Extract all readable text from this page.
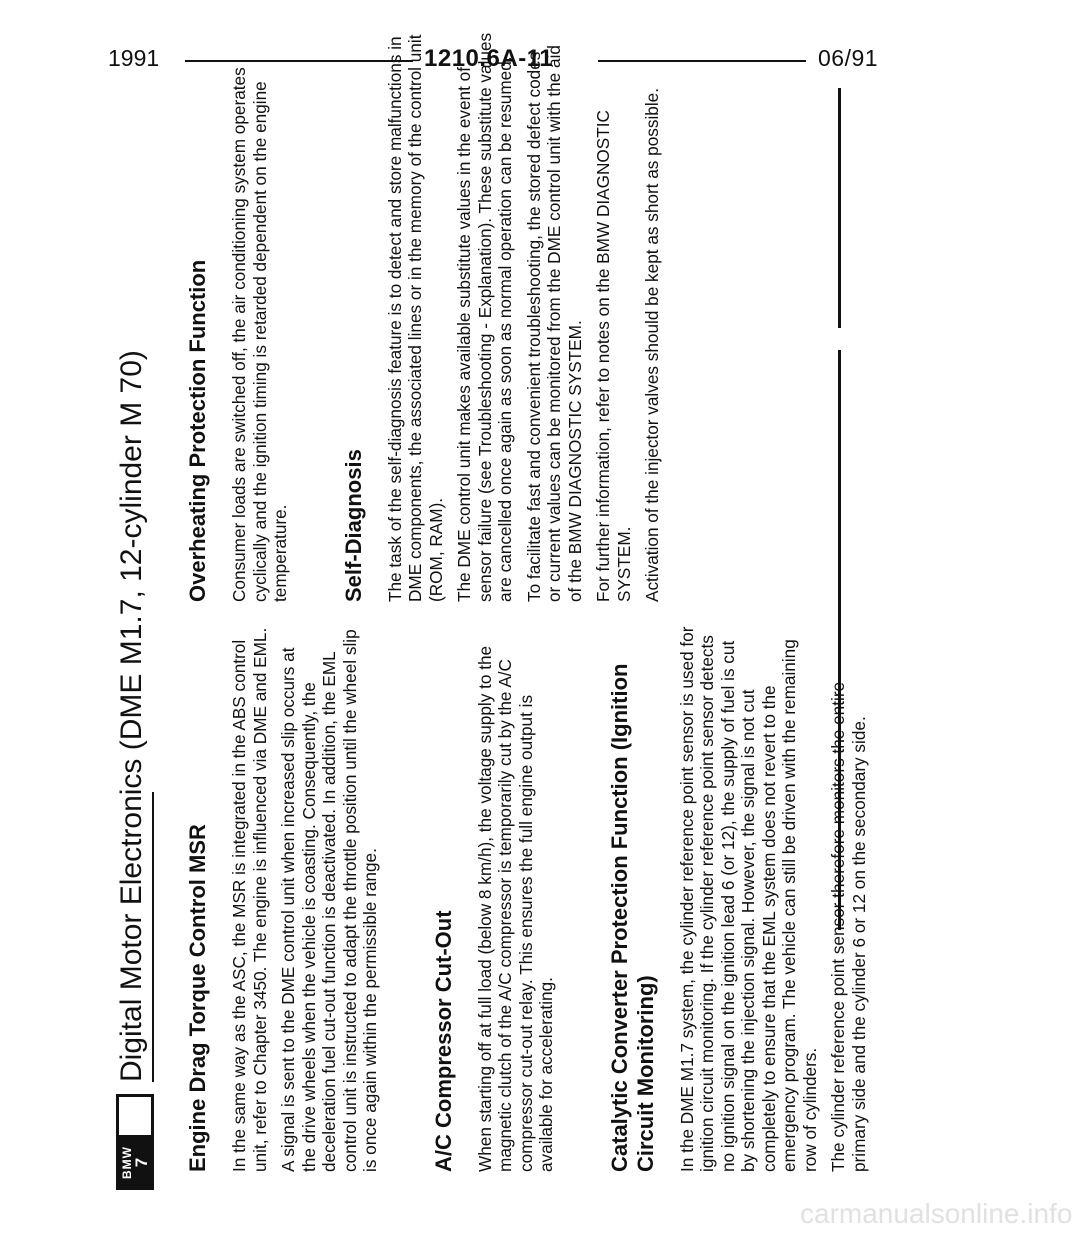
06/91
1210.6A-11
1991
BMW
7
Digital Motor Electronics (DME M1.7, 12-cylinder M 70) Engine Drag Torque Control MSR In the same way as the ASC, the MSR is integrated in the ABS control unit, refer to Chapter 3450. The engine is influenced via DME and EML. A signal is sent to the DME control unit when increased slip occurs at the drive wheels when the vehicle is coasting. Consequently, the deceleration fuel cut-out function is deactivated. In addition, the EML control unit is instructed to adapt the throttle position until the wheel slip is once again within the permissible range. A/C Compressor Cut-Out When starting off at full load (below 8 km/h), the voltage supply to the magnetic clutch of the A/C compressor is temporarily cut by the A/C compressor cut-out relay. This ensures the full engine output is available for accelerating. Catalytic Converter Protection Function (Ignition Circuit Monitoring) In the DME M1.7 system, the cylinder reference point sensor is used for ignition circuit monitoring. If the cylinder reference point sensor detects no ignition signal on the ignition lead 6 (or 12), the supply of fuel is cut by shortening the injection signal. However, the signal is not cut completely to ensure that the EML system does not revert to the emergency program. The vehicle can still be driven with the remaining row of cylinders. The cylinder reference point sensor therefore monitors the entire primary side and the cylinder 6 or 12 on the secondary side.

Overheating Protection Function Consumer loads are switched off, the air conditioning system operates cyclically and the ignition timing is retarded dependent on the engine temperature. Self-Diagnosis The task of the self-diagnosis feature is to detect and store malfunctions in DME components, the associated lines or in the memory of the control unit (ROM, RAM). The DME control unit makes available substitute values in the event of sensor failure (see Troubleshooting - Explanation). These substitute values are cancelled once again as soon as normal operation can be resumed. To facilitate fast and convenient troubleshooting, the stored defect codes or current values can be monitored from the DME control unit with the aid of the BMW DIAGNOSTIC SYSTEM. For further information, refer to notes on the BMW DIAGNOSTIC SYSTEM. Activation of the injector valves should be kept as short as possible.

carmanualsonline.info
